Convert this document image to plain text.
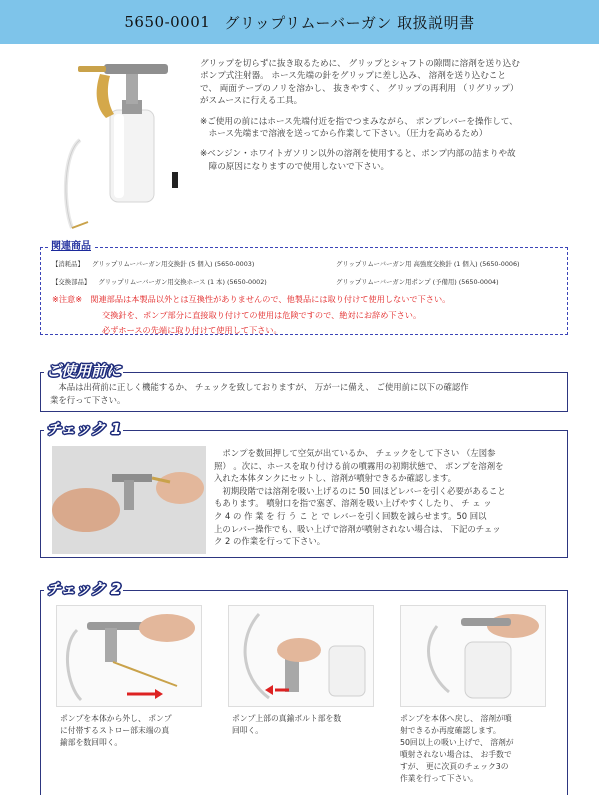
5650-0001 グリップリムーバーガン 取扱説明書

グリップを切らずに抜き取るために、 グリップとシャフトの隙間に溶剤を送り込む

ポンプ式注射器。 ホース先端の針をグリップに差し込み、 溶剤を送り込むこと

で、 両面テープのノリを溶かし、 抜きやすく、 グリップの再利用 （リグリップ）

がスムースに行える工具。

※ご使用の前にはホース先端付近を指でつまみながら、 ポンプレバーを操作して、

　ホース先端まで溶液を送ってから作業して下さい。（圧力を高めるため）

※ベンジン・ホワイトガソリン以外の溶剤を使用すると、ポンプ内部の詰まりや故

　障の原因になりますので使用しないで下さい。

関連商品
【消耗品】 グリップリムーバーガン用交換針 (5 個入) (5650-0003)	グリップリムーバーガン用 高強度交換針 (1 個入) (5650-0006)
【交換部品】 グリップリムーバーガン用交換ホース (1 本) (5650-0002)	グリップリムーバーガン用ポンプ (予備用) (5650-0004)
※注意※　関連部品は本製品以外とは互換性がありませんので、他製品には取り付けて使用しないで下さい。
交換針を、ポンプ部分に直接取り付けての使用は危険ですので、絶対にお辞め下さい。
必ずホースの先端に取り付けて使用して下さい。
ご使用前に
　本品は出荷前に正しく機能するか、 チェックを致しておりますが、 万が一に備え、 ご使用前に以下の確認作
業を行って下さい。
チェック 1
　ポンプを数回押して空気が出ているか、 チェックをして下さい （左図参
照） 。次に、ホースを取り付ける前の噴霧用の初期状態で、 ポンプを溶剤を
入れた本体タンクにセットし、溶剤が噴射できるか確認します。
　初期段階では溶剤を吸い上げるのに 50 回ほどレバーを引く必要があること
もあります。 噴射口を指で塞ぎ、溶剤を吸い上げやすくしたり、 チ ェ ッ
ク 4 の 作 業 を 行 う こ と で レバーを引く回数を減らせます。50 回以
上のレバー操作でも、吸い上げで溶剤が噴射されない場合は、 下記のチェッ
ク 2 の作業を行って下さい。
チェック 2
ポンプを本体から外し、 ポンプ
に付帯するストロー部末端の真
鍮部を数回叩く。
ポンプ上部の真鍮ボルト部を数
回叩く。
ポンプを本体へ戻し、 溶剤が噴
射できるか再度確認します。
50回以上の吸い上げで、 溶剤が
噴射されない場合は、 お手数で
すが、 更に次頁のチェック3の
作業を行って下さい。
